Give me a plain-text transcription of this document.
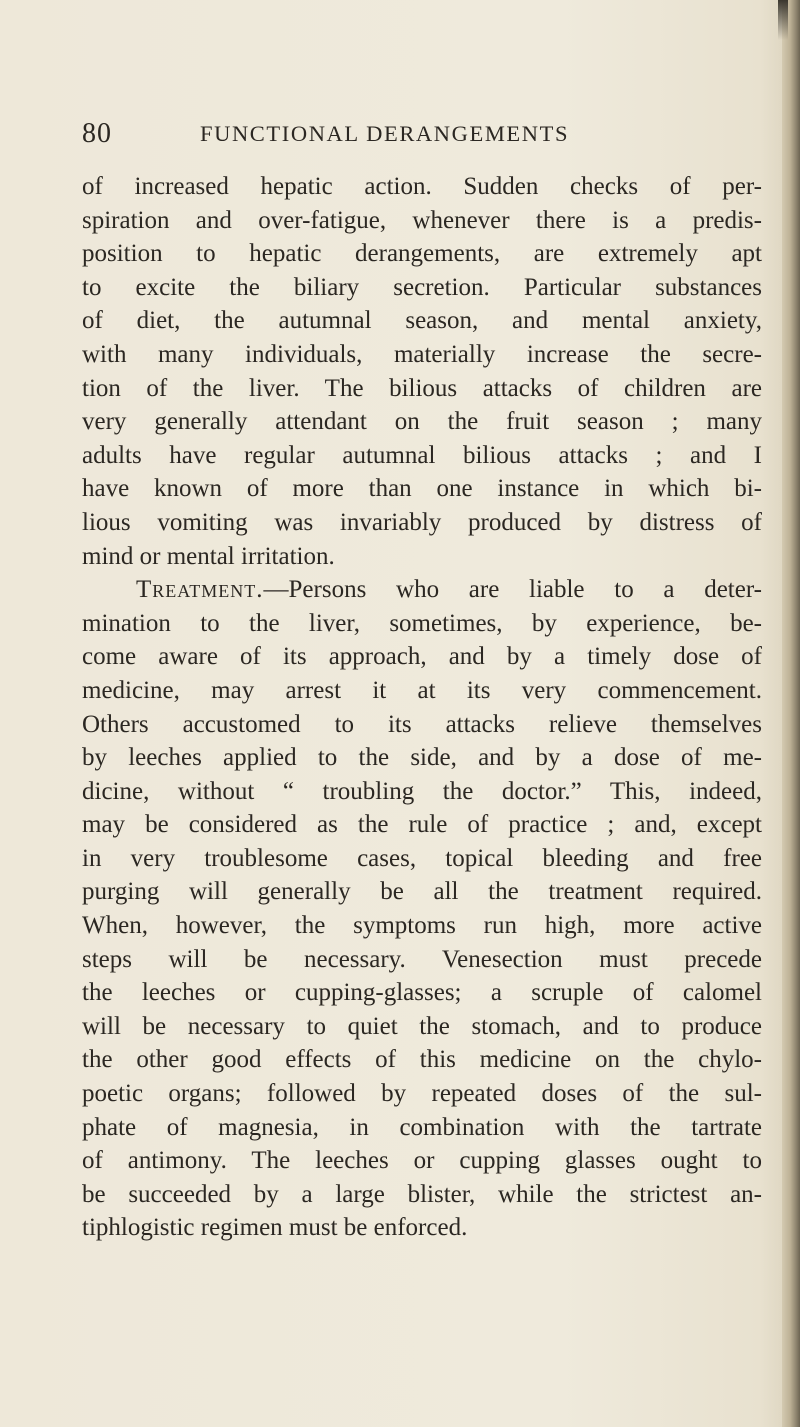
80	FUNCTIONAL DERANGEMENTS
of increased hepatic action. Sudden checks of per-
spiration and over-fatigue, whenever there is a predis-
position to hepatic derangements, are extremely apt
to excite the biliary secretion. Particular substances
of diet, the autumnal season, and mental anxiety,
with many individuals, materially increase the secre-
tion of the liver. The bilious attacks of children are
very generally attendant on the fruit season ; many
adults have regular autumnal bilious attacks ; and I
have known of more than one instance in which bi-
lious vomiting was invariably produced by distress of
mind or mental irritation.
Treatment.—Persons who are liable to a deter-
mination to the liver, sometimes, by experience, be-
come aware of its approach, and by a timely dose of
medicine, may arrest it at its very commencement.
Others accustomed to its attacks relieve themselves
by leeches applied to the side, and by a dose of me-
dicine, without “ troubling the doctor.” This, indeed,
may be considered as the rule of practice ; and, except
in very troublesome cases, topical bleeding and free
purging will generally be all the treatment required.
When, however, the symptoms run high, more active
steps will be necessary. Venesection must precede
the leeches or cupping-glasses; a scruple of calomel
will be necessary to quiet the stomach, and to produce
the other good effects of this medicine on the chylo-
poetic organs; followed by repeated doses of the sul-
phate of magnesia, in combination with the tartrate
of antimony. The leeches or cupping glasses ought to
be succeeded by a large blister, while the strictest an-
tiphlogistic regimen must be enforced.
